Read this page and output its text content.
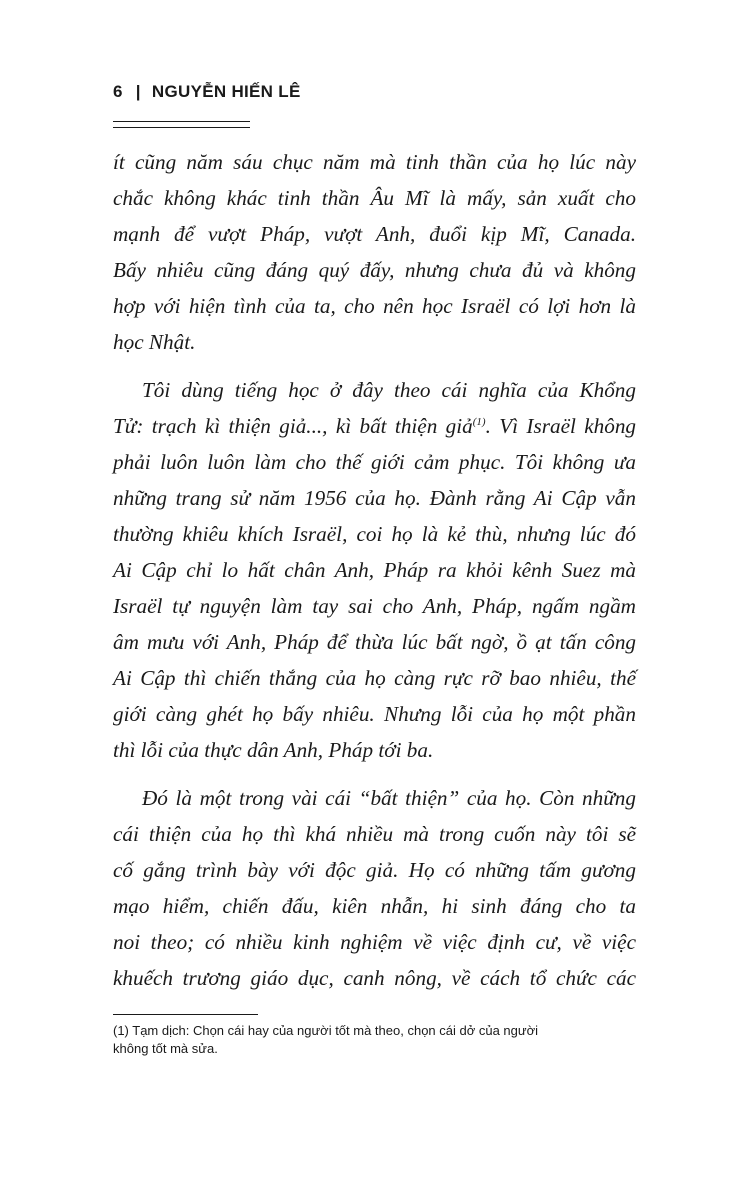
6 | NGUYỄN HIẾN LÊ

ít cũng năm sáu chục năm mà tinh thần của họ lúc này
chắc không khác tinh thần Âu Mĩ là mấy, sản xuất cho
mạnh để vượt Pháp, vượt Anh, đuổi kịp Mĩ, Canada.
Bấy nhiêu cũng đáng quý đấy, nhưng chưa đủ và không
hợp với hiện tình của ta, cho nên học Israël có lợi hơn là
học Nhật.

Tôi dùng tiếng học ở đây theo cái nghĩa của Khổng
Tử: trạch kì thiện giả..., kì bất thiện giả$^{(1)}$. Vì Israël không
phải luôn luôn làm cho thế giới cảm phục. Tôi không ưa
những trang sử năm 1956 của họ. Đành rằng Ai Cập vẫn
thường khiêu khích Israël, coi họ là kẻ thù, nhưng lúc đó
Ai Cập chỉ lo hất chân Anh, Pháp ra khỏi kênh Suez mà
Israël tự nguyện làm tay sai cho Anh, Pháp, ngấm ngầm
âm mưu với Anh, Pháp để thừa lúc bất ngờ, ồ ạt tấn công
Ai Cập thì chiến thắng của họ càng rực rỡ bao nhiêu, thế
giới càng ghét họ bấy nhiêu. Nhưng lỗi của họ một phần
thì lỗi của thực dân Anh, Pháp tới ba.

Đó là một trong vài cái “bất thiện” của họ. Còn những
cái thiện của họ thì khá nhiều mà trong cuốn này tôi sẽ
cố gắng trình bày với độc giả. Họ có những tấm gương
mạo hiểm, chiến đấu, kiên nhẫn, hi sinh đáng cho ta
noi theo; có nhiều kinh nghiệm về việc định cư, về việc
khuếch trương giáo dục, canh nông, về cách tổ chức các

(1) Tạm dịch: Chọn cái hay của người tốt mà theo, chọn cái dở của người
không tốt mà sửa.
